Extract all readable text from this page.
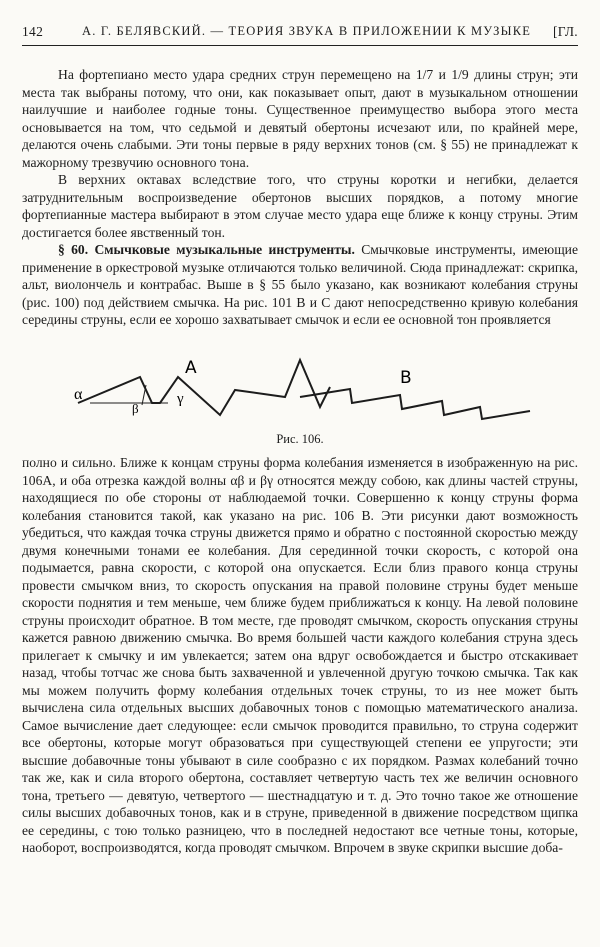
142	А. Г. БЕЛЯВСКИЙ. — ТЕОРИЯ ЗВУКА В ПРИЛОЖЕНИИ К МУЗЫКЕ [ГЛ.

На фортепиано место удара средних струн перемещено на 1/7 и 1/9 длины струн; эти места так выбраны потому, что они, как показывает опыт, дают в музыкальном отношении наилучшие и наиболее годные тоны. Существенное преимущество выбора этого места основывается на том, что седьмой и девятый обертоны исчезают или, по крайней мере, делаются очень слабыми. Эти тоны первые в ряду верхних тонов (см. § 55) не принадлежат к мажорному трезвучию основного тона.

В верхних октавах вследствие того, что струны коротки и негибки, делается затруднительным воспроизведение обертонов высших порядков, а потому многие фортепианные мастера выбирают в этом случае место удара еще ближе к концу струны. Этим достигается более явственный тон.

§ 60. Смычковые музыкальные инструменты. Смычковые инструменты, имеющие применение в оркестровой музыке отличаются только величиной. Сюда принадлежат: скрипка, альт, виолончель и контрабас. Выше в § 55 было указано, как возникают колебания струны (рис. 100) под действием смычка. На рис. 101 B и C дают непосредственно кривую колебания середины струны, если ее хорошо захватывает смычок и если ее основной тон проявляется

A
α
β
γ
B
Рис. 106.

полно и сильно. Ближе к концам струны форма колебания изменяется в изображенную на рис. 106A, и оба отрезка каждой волны αβ и βγ относятся между собою, как длины частей струны, находящиеся по обе стороны от наблюдаемой точки. Совершенно к концу струны форма колебания становится такой, как указано на рис. 106 B. Эти рисунки дают возможность убедиться, что каждая точка струны движется прямо и обратно с постоянной скоростью между двумя конечными тонами ее колебания. Для серединной точки скорость, с которой она подымается, равна скорости, с которой она опускается. Если близ правого конца струны провести смычком вниз, то скорость опускания на правой половине струны будет меньше скорости поднятия и тем меньше, чем ближе будем приближаться к концу. На левой половине струны происходит обратное. В том месте, где проводят смычком, скорость опускания струны кажется равною движению смычка. Во время большей части каждого колебания струна здесь прилегает к смычку и им увлекается; затем она вдруг освобождается и быстро отскакивает назад, чтобы тотчас же снова быть захваченной и увлеченной другую точкою смычка. Так как мы можем получить форму колебания отдельных точек струны, то из нее может быть вычислена сила отдельных высших добавочных тонов с помощью математического анализа. Самое вычисление дает следующее: если смычок проводится правильно, то струна содержит все обертоны, которые могут образоваться при существующей степени ее упругости; эти высшие добавочные тоны убывают в силе сообразно с их порядком. Размах колебаний точно так же, как и сила второго обертона, составляет четвертую часть тех же величин основного тона, третьего — девятую, четвертого — шестнадцатую и т. д. Это точно такое же отношение силы высших добавочных тонов, как и в струне, приведенной в движение посредством щипка ее середины, с тою только разницею, что в последней недостают все четные тоны, которые, наоборот, воспроизводятся, когда проводят смычком. Впрочем в звуке скрипки высшие доба-
